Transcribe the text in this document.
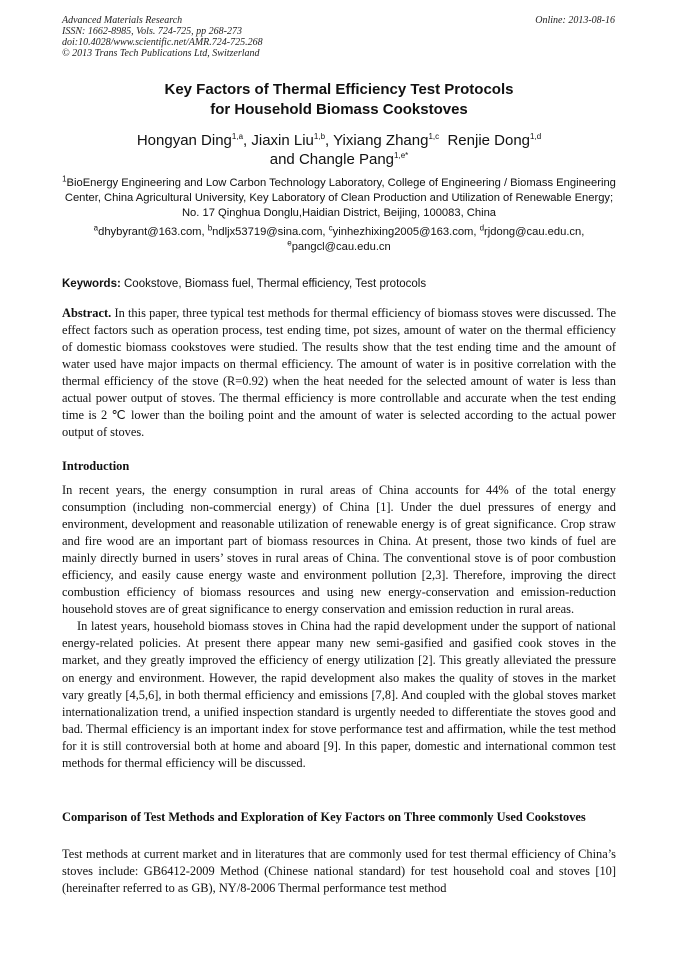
Advanced Materials Research
ISSN: 1662-8985, Vols. 724-725, pp 268-273
doi:10.4028/www.scientific.net/AMR.724-725.268
© 2013 Trans Tech Publications Ltd, Switzerland
Online: 2013-08-16
Key Factors of Thermal Efficiency Test Protocols
for Household Biomass Cookstoves
Hongyan Ding$^{1,a}$, Jiaxin Liu$^{1,b}$, Yixiang Zhang$^{1,c}$ Renjie Dong$^{1,d}$
and Changle Pang$^{1,e*}$
$^1$BioEnergy Engineering and Low Carbon Technology Laboratory, College of Engineering / Biomass Engineering Center, China Agricultural University, Key Laboratory of Clean Production and Utilization of Renewable Energy; No. 17 Qinghua Donglu,Haidian District, Beijing, 100083, China
$^a$dhybyrant@163.com, $^b$ndljx53719@sina.com, $^c$yinhezhixing2005@163.com, $^d$rjdong@cau.edu.cn,
$^e$pangcl@cau.edu.cn
Keywords: Cookstove, Biomass fuel, Thermal efficiency, Test protocols

Abstract. In this paper, three typical test methods for thermal efficiency of biomass stoves were discussed. The effect factors such as operation process, test ending time, pot sizes, amount of water on the thermal efficiency of domestic biomass cookstoves were studied. The results show that the test ending time and the amount of water used have major impacts on thermal efficiency. The amount of water is in positive correlation with the thermal efficiency of the stove (R=0.92) when the heat needed for the selected amount of water is less than actual power output of stoves. The thermal efficiency is more controllable and accurate when the test ending time is 2 ℃ lower than the boiling point and the amount of water is selected according to the actual power output of stoves.

Introduction

In recent years, the energy consumption in rural areas of China accounts for 44% of the total energy consumption (including non-commercial energy) of China [1]. Under the duel pressures of energy and environment, development and reasonable utilization of renewable energy is of great significance. Crop straw and fire wood are an important part of biomass resources in China. At present, those two kinds of fuel are mainly directly burned in users’ stoves in rural areas of China. The conventional stove is of poor combustion efficiency, and easily cause energy waste and environment pollution [2,3]. Therefore, improving the direct combustion efficiency of biomass resources and using new energy-conservation and emission-reduction household stoves are of great significance to energy conservation and emission reduction in rural areas.

In latest years, household biomass stoves in China had the rapid development under the support of national energy-related policies. At present there appear many new semi-gasified and gasified cook stoves in the market, and they greatly improved the efficiency of energy utilization [2]. This greatly alleviated the pressure on energy and environment. However, the rapid development also makes the quality of stoves in the market vary greatly [4,5,6], in both thermal efficiency and emissions [7,8]. And coupled with the global stoves market internationalization trend, a unified inspection standard is urgently needed to differentiate the stoves good and bad. Thermal efficiency is an important index for stove performance test and affirmation, while the test method for it is still controversial both at home and aboard [9]. In this paper, domestic and international common test methods for thermal efficiency will be discussed.

Comparison of Test Methods and Exploration of Key Factors on Three commonly Used Cookstoves

Test methods at current market and in literatures that are commonly used for test thermal efficiency of China’s stoves include: GB6412-2009 Method (Chinese national standard) for test household coal and stoves [10] (hereinafter referred to as GB), NY/8-2006 Thermal performance test method
